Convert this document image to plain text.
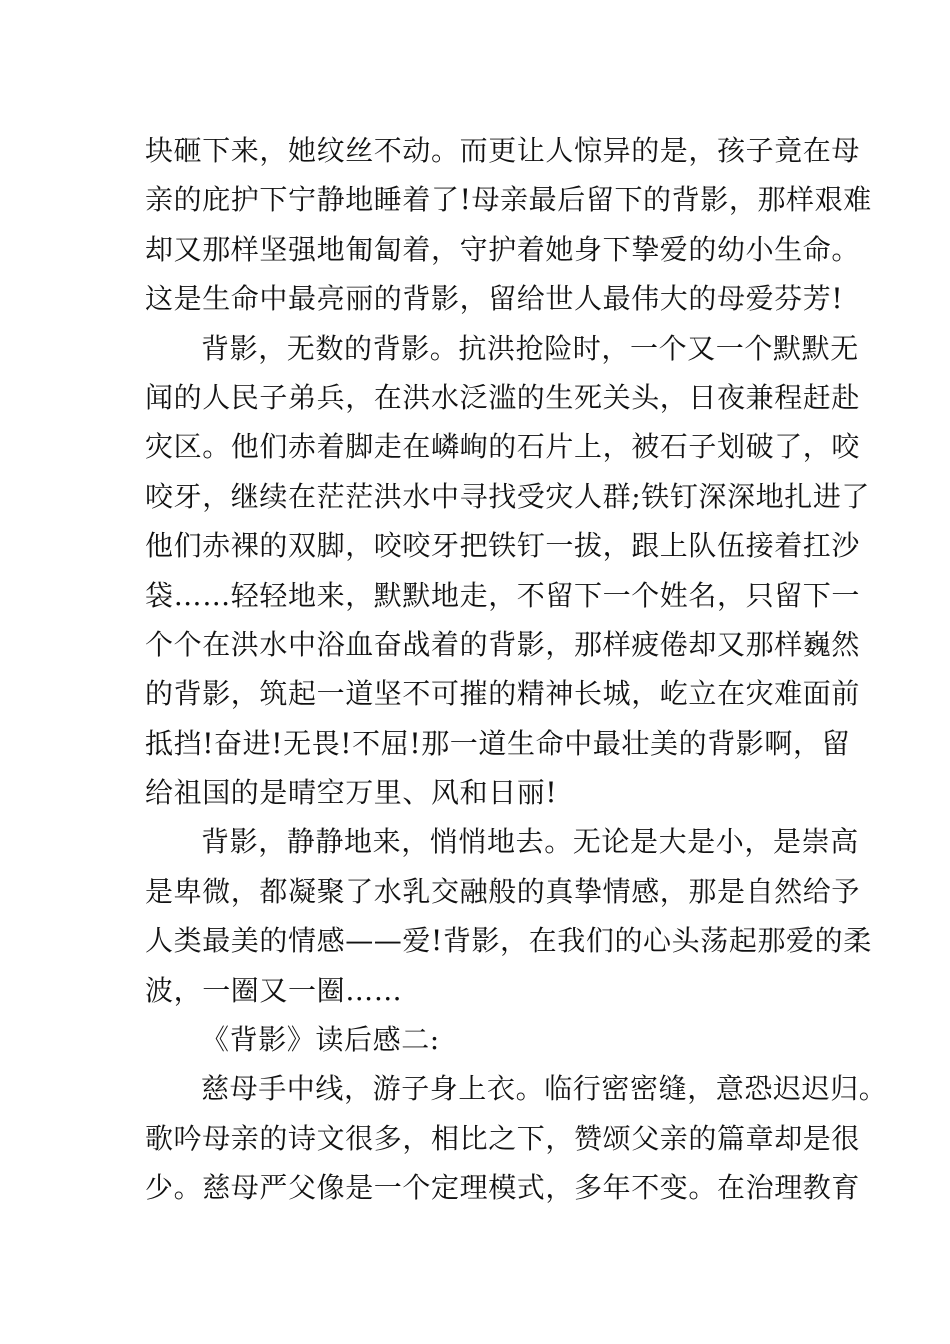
块砸下来，她纹丝不动。而更让人惊异的是，孩子竟在母
亲的庇护下宁静地睡着了!母亲最后留下的背影，那样艰难
却又那样坚强地匍匐着，守护着她身下挚爱的幼小生命。
这是生命中最亮丽的背影，留给世人最伟大的母爱芬芳!
背影，无数的背影。抗洪抢险时，一个又一个默默无
闻的人民子弟兵，在洪水泛滥的生死关头，日夜兼程赶赴
灾区。他们赤着脚走在嶙峋的石片上，被石子划破了，咬
咬牙，继续在茫茫洪水中寻找受灾人群;铁钉深深地扎进了
他们赤裸的双脚，咬咬牙把铁钉一拔，跟上队伍接着扛沙
袋……轻轻地来，默默地走，不留下一个姓名，只留下一
个个在洪水中浴血奋战着的背影，那样疲倦却又那样巍然
的背影，筑起一道坚不可摧的精神长城，屹立在灾难面前
抵挡!奋进!无畏!不屈!那一道生命中最壮美的背影啊，留
给祖国的是晴空万里、风和日丽!
背影，静静地来，悄悄地去。无论是大是小，是崇高
是卑微，都凝聚了水乳交融般的真挚情感，那是自然给予
人类最美的情感——爱!背影，在我们的心头荡起那爱的柔
波，一圈又一圈……
《背影》读后感二:
慈母手中线，游子身上衣。临行密密缝，意恐迟迟归。
歌吟母亲的诗文很多，相比之下，赞颂父亲的篇章却是很
少。慈母严父像是一个定理模式，多年不变。在治理教育
